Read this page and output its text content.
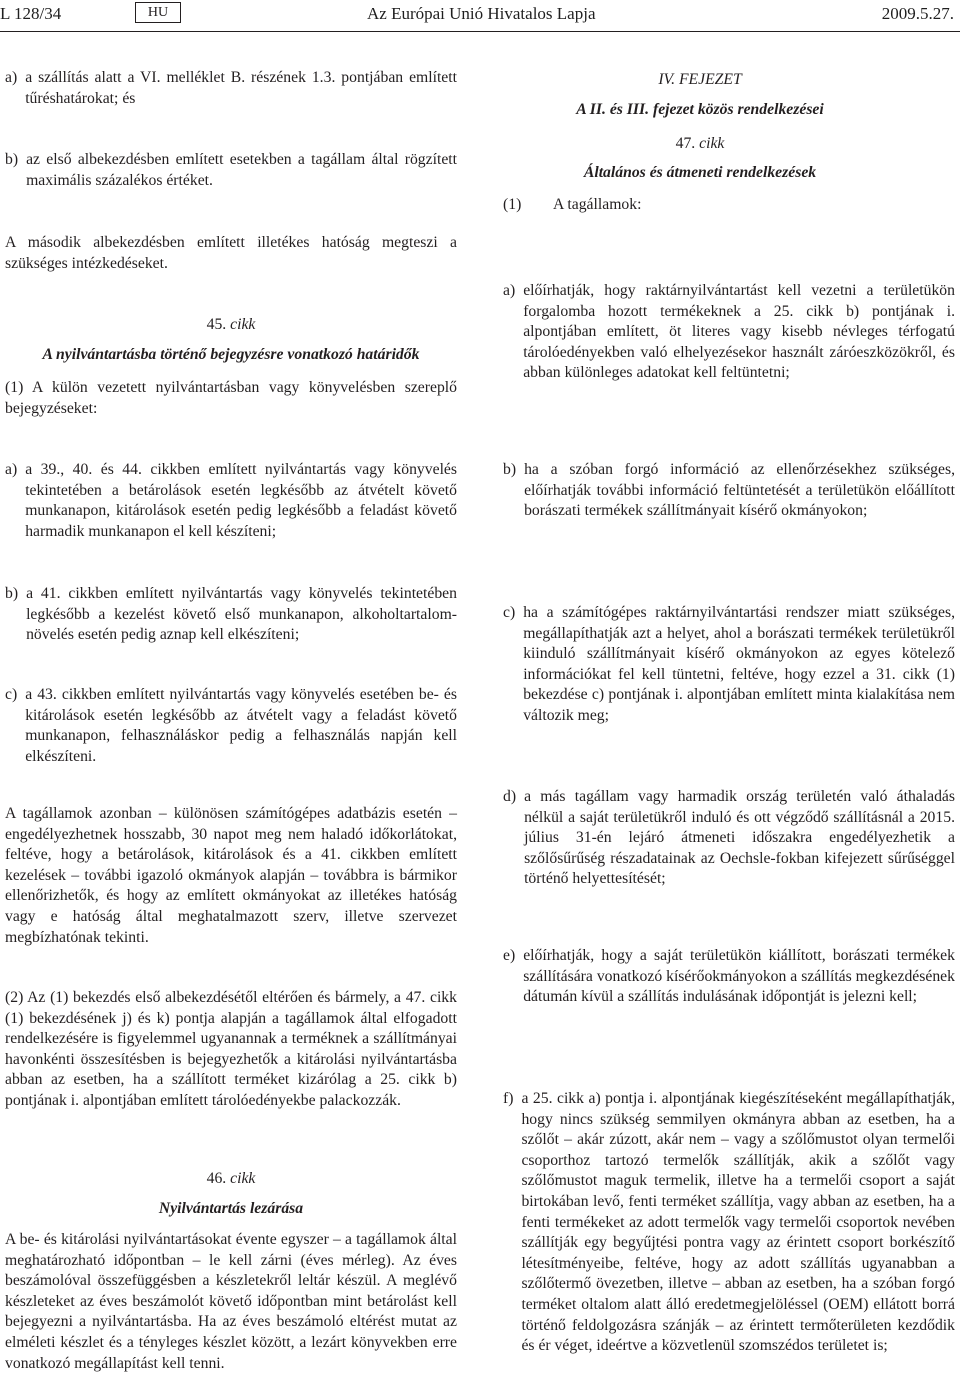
L 128/34	HU	Az Európai Unió Hivatalos Lapja	2009.5.27.
a) a szállítás alatt a VI. melléklet B. részének 1.3. pontjában említett tűréshatárokat; és
b) az első albekezdésben említett esetekben a tagállam által rögzített maximális százalékos értéket.
A második albekezdésben említett illetékes hatóság megteszi a szükséges intézkedéseket.
45. cikk
A nyilvántartásba történő bejegyzésre vonatkozó határidők
(1) A külön vezetett nyilvántartásban vagy könyvelésben szereplő bejegyzéseket:
a) a 39., 40. és 44. cikkben említett nyilvántartás vagy könyvelés tekintetében a betárolások esetén legkésőbb az átvételt követő munkanapon, kitárolások esetén pedig legkésőbb a feladást követő harmadik munkanapon el kell készíteni;
b) a 41. cikkben említett nyilvántartás vagy könyvelés tekintetében legkésőbb a kezelést követő első munkanapon, alkoholtartalom-növelés esetén pedig aznap kell elkészíteni;
c) a 43. cikkben említett nyilvántartás vagy könyvelés esetében be- és kitárolások esetén legkésőbb az átvételt vagy a feladást követő munkanapon, felhasználáskor pedig a felhasználás napján kell elkészíteni.
A tagállamok azonban – különösen számítógépes adatbázis esetén – engedélyezhetnek hosszabb, 30 napot meg nem haladó időkorlátokat, feltéve, hogy a betárolások, kitárolások és a 41. cikkben említett kezelések – további igazoló okmányok alapján – továbbra is bármikor ellenőrizhetők, és hogy az említett okmányokat az illetékes hatóság vagy e hatóság által meghatalmazott szerv, illetve szervezet megbízhatónak tekinti.
(2) Az (1) bekezdés első albekezdésétől eltérően és bármely, a 47. cikk (1) bekezdésének j) és k) pontja alapján a tagállamok által elfogadott rendelkezésére is figyelemmel ugyanannak a terméknek a szállítmányai havonkénti összesítésben is bejegyezhetők a kitárolási nyilvántartásba abban az esetben, ha a szállított terméket kizárólag a 25. cikk b) pontjának i. alpontjában említett tárolóedényekbe palackozzák.
46. cikk
Nyilvántartás lezárása
A be- és kitárolási nyilvántartásokat évente egyszer – a tagállamok által meghatározható időpontban – le kell zárni (éves mérleg). Az éves beszámolóval összefüggésben a készletekről leltár készül. A meglévő készleteket az éves beszámolót követő időpontban mint betárolást kell bejegyezni a nyilvántartásba. Ha az éves beszámoló eltérést mutat az elméleti készlet és a tényleges készlet között, a lezárt könyvekben erre vonatkozó megállapítást kell tenni.
IV. FEJEZET
A II. és III. fejezet közös rendelkezései
47. cikk
Általános és átmeneti rendelkezések
(1)	A tagállamok:
a) előírhatják, hogy raktárnyilvántartást kell vezetni a területükön forgalomba hozott termékeknek a 25. cikk b) pontjának i. alpontjában említett, öt literes vagy kisebb névleges térfogatú tárolóedényekben való elhelyezésekor használt záróeszközökről, és abban különleges adatokat kell feltüntetni;
b) ha a szóban forgó információ az ellenőrzésekhez szükséges, előírhatják további információ feltüntetését a területükön előállított borászati termékek szállítmányait kísérő okmányokon;
c) ha a számítógépes raktárnyilvántartási rendszer miatt szükséges, megállapíthatják azt a helyet, ahol a borászati termékek területükről kiinduló szállítmányait kísérő okmányokon az egyes kötelező információkat fel kell tüntetni, feltéve, hogy ezzel a 31. cikk (1) bekezdése c) pontjának i. alpontjában említett minta kialakítása nem változik meg;
d) a más tagállam vagy harmadik ország területén való áthaladás nélkül a saját területükről induló és ott végződő szállításnál a 2015. július 31-én lejáró átmeneti időszakra engedélyezhetik a szőlősűrűség részadatainak az Oechsle-fokban kifejezett sűrűséggel történő helyettesítését;
e) előírhatják, hogy a saját területükön kiállított, borászati termékek szállítására vonatkozó kísérőokmányokon a szállítás megkezdésének dátumán kívül a szállítás indulásának időpontját is jelezni kell;
f) a 25. cikk a) pontja i. alpontjának kiegészítéseként megállapíthatják, hogy nincs szükség semmilyen okmányra abban az esetben, ha a szőlőt – akár zúzott, akár nem – vagy a szőlőmustot olyan termelői csoporthoz tartozó termelők szállítják, akik a szőlőt vagy szőlőmustot maguk termelik, illetve ha a termelői csoport a saját birtokában levő, fenti terméket szállítja, vagy abban az esetben, ha a fenti termékeket az adott termelők vagy termelői csoportok nevében szállítják egy begyűjtési pontra vagy az érintett csoport borkészítő létesítményeibe, feltéve, hogy az adott szállítás ugyanabban a szőlőtermő övezetben, illetve – abban az esetben, ha a szóban forgó terméket oltalom alatt álló eredetmegjelöléssel (OEM) ellátott borrá történő feldolgozásra szánják – az érintett termőterületen kezdődik és ér véget, ideértve a közvetlenül szomszédos területet is;
